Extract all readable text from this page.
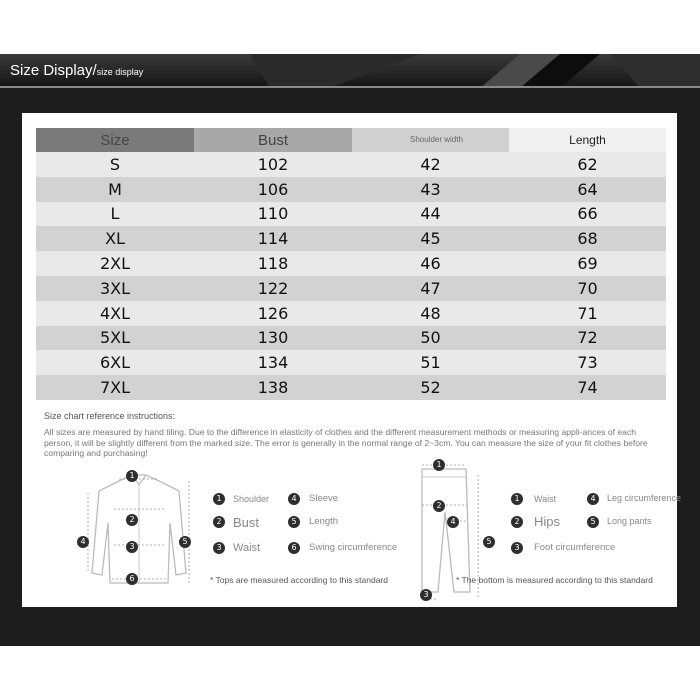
Size Display/size display
Size	Bust	Shoulder width	Length
S	102	42	62
M	106	43	64
L	110	44	66
XL	114	45	68
2XL	118	46	69
3XL	122	47	70
4XL	126	48	71
5XL	130	50	72
6XL	134	51	73
7XL	138	52	74
Size chart reference instructions:
All sizes are measured by hand tiling. Due to the difference in elasticity of clothes and the different measurement methods or measuring appli-ances of each person, it will be slightly different from the marked size. The error is generally in the normal range of 2~3cm. You can measure the size of your fit clothes before comparing and purchasing!
1
2
3
4	5
6
1	Shoulder
2 Bust
3	Waist
4	Sleeve
5	Length
6	Swing circumference
* Tops are measured according to this standard
1
2
3
4
5
1	Waist
2 Hips
3	Foot circumference
4	Leg circumference
5	Long pants
* The bottom is measured according to this standard
